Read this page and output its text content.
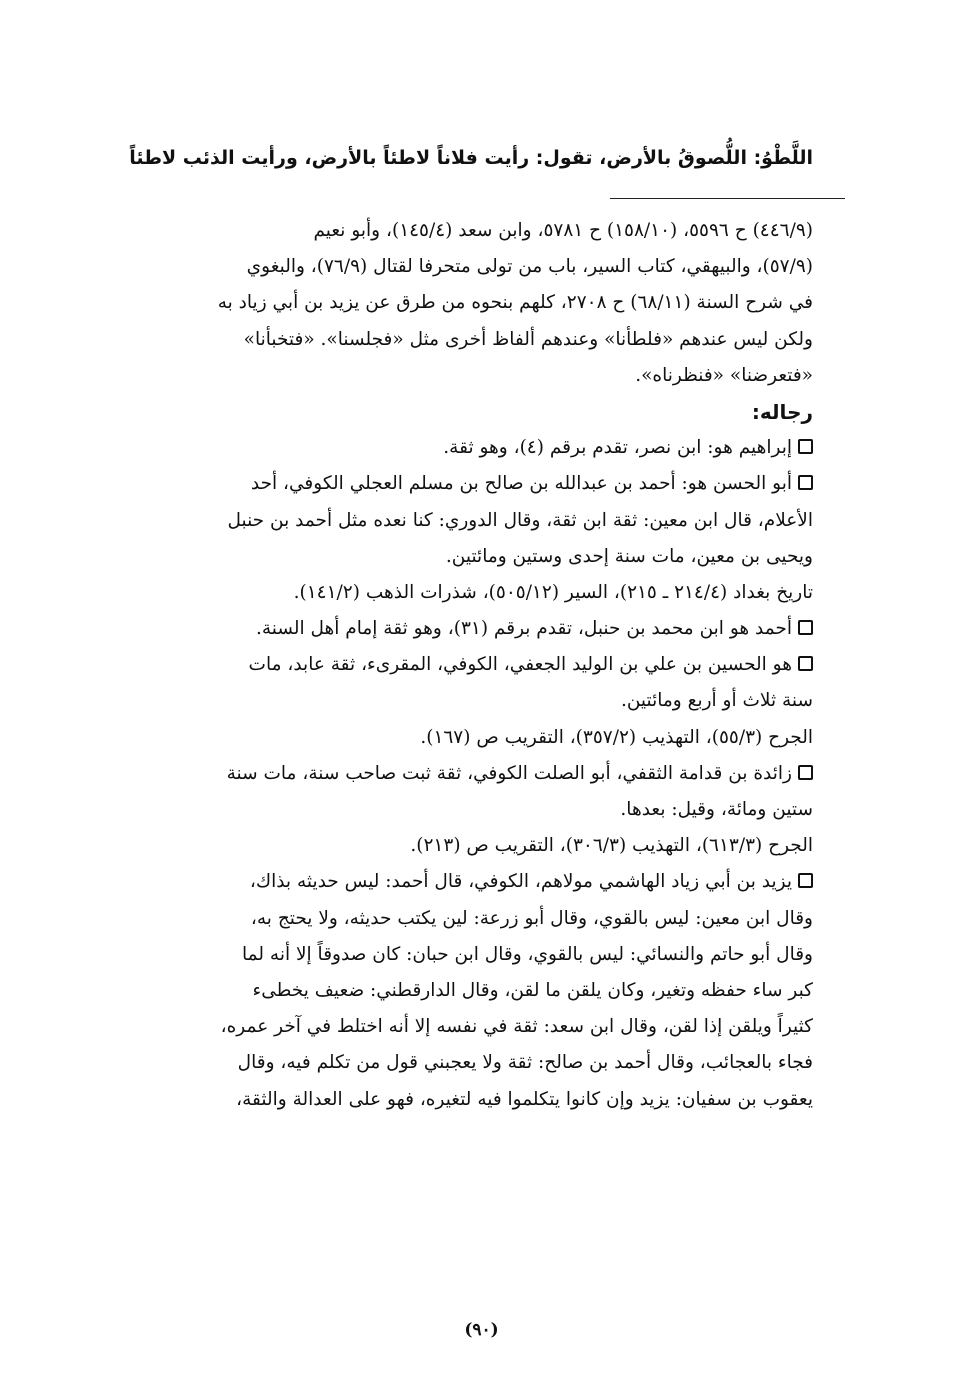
اللَّطْوُ: اللُّصوقُ بالأرض، تقول: رأيت فلاناً لاطئاً بالأرض، ورأيت الذئب لاطئاً
(٤٤٦/٩) ح ٥٥٩٦، (١٥٨/١٠) ح ٥٧٨١، وابن سعد (١٤٥/٤)، وأبو نعيم
(٥٧/٩)، والبيهقي، كتاب السير، باب من تولى متحرفا لقتال (٧٦/٩)، والبغوي
في شرح السنة (٦٨/١١) ح ٢٧٠٨، كلهم بنحوه من طرق عن يزيد بن أبي زياد به
ولكن ليس عندهم «فلطأنا» وعندهم ألفاظ أخرى مثل «فجلسنا». «فتخبأنا»
«فتعرضنا» «فنظرناه».
رجاله:
إبراهيم هو: ابن نصر، تقدم برقم (٤)، وهو ثقة.
أبو الحسن هو: أحمد بن عبدالله بن صالح بن مسلم العجلي الكوفي، أحد
الأعلام، قال ابن معين: ثقة ابن ثقة، وقال الدوري: كنا نعده مثل أحمد بن حنبل
ويحيى بن معين، مات سنة إحدى وستين ومائتين.
تاريخ بغداد (٢١٤/٤ ـ ٢١٥)، السير (٥٠٥/١٢)، شذرات الذهب (١٤١/٢).
أحمد هو ابن محمد بن حنبل، تقدم برقم (٣١)، وهو ثقة إمام أهل السنة.
هو الحسين بن علي بن الوليد الجعفي، الكوفي، المقرىء، ثقة عابد، مات
سنة ثلاث أو أربع ومائتين.
الجرح (٥٥/٣)، التهذيب (٣٥٧/٢)، التقريب ص (١٦٧).
زائدة بن قدامة الثقفي، أبو الصلت الكوفي، ثقة ثبت صاحب سنة، مات سنة
ستين ومائة، وقيل: بعدها.
الجرح (٦١٣/٣)، التهذيب (٣٠٦/٣)، التقريب ص (٢١٣).
يزيد بن أبي زياد الهاشمي مولاهم، الكوفي، قال أحمد: ليس حديثه بذاك،
وقال ابن معين: ليس بالقوي، وقال أبو زرعة: لين يكتب حديثه، ولا يحتج به،
وقال أبو حاتم والنسائي: ليس بالقوي، وقال ابن حبان: كان صدوقاً إلا أنه لما
كبر ساء حفظه وتغير، وكان يلقن ما لقن، وقال الدارقطني: ضعيف يخطىء
كثيراً ويلقن إذا لقن، وقال ابن سعد: ثقة في نفسه إلا أنه اختلط في آخر عمره،
فجاء بالعجائب، وقال أحمد بن صالح: ثقة ولا يعجبني قول من تكلم فيه، وقال
يعقوب بن سفيان: يزيد وإن كانوا يتكلموا فيه لتغيره، فهو على العدالة والثقة،
(٩٠)
